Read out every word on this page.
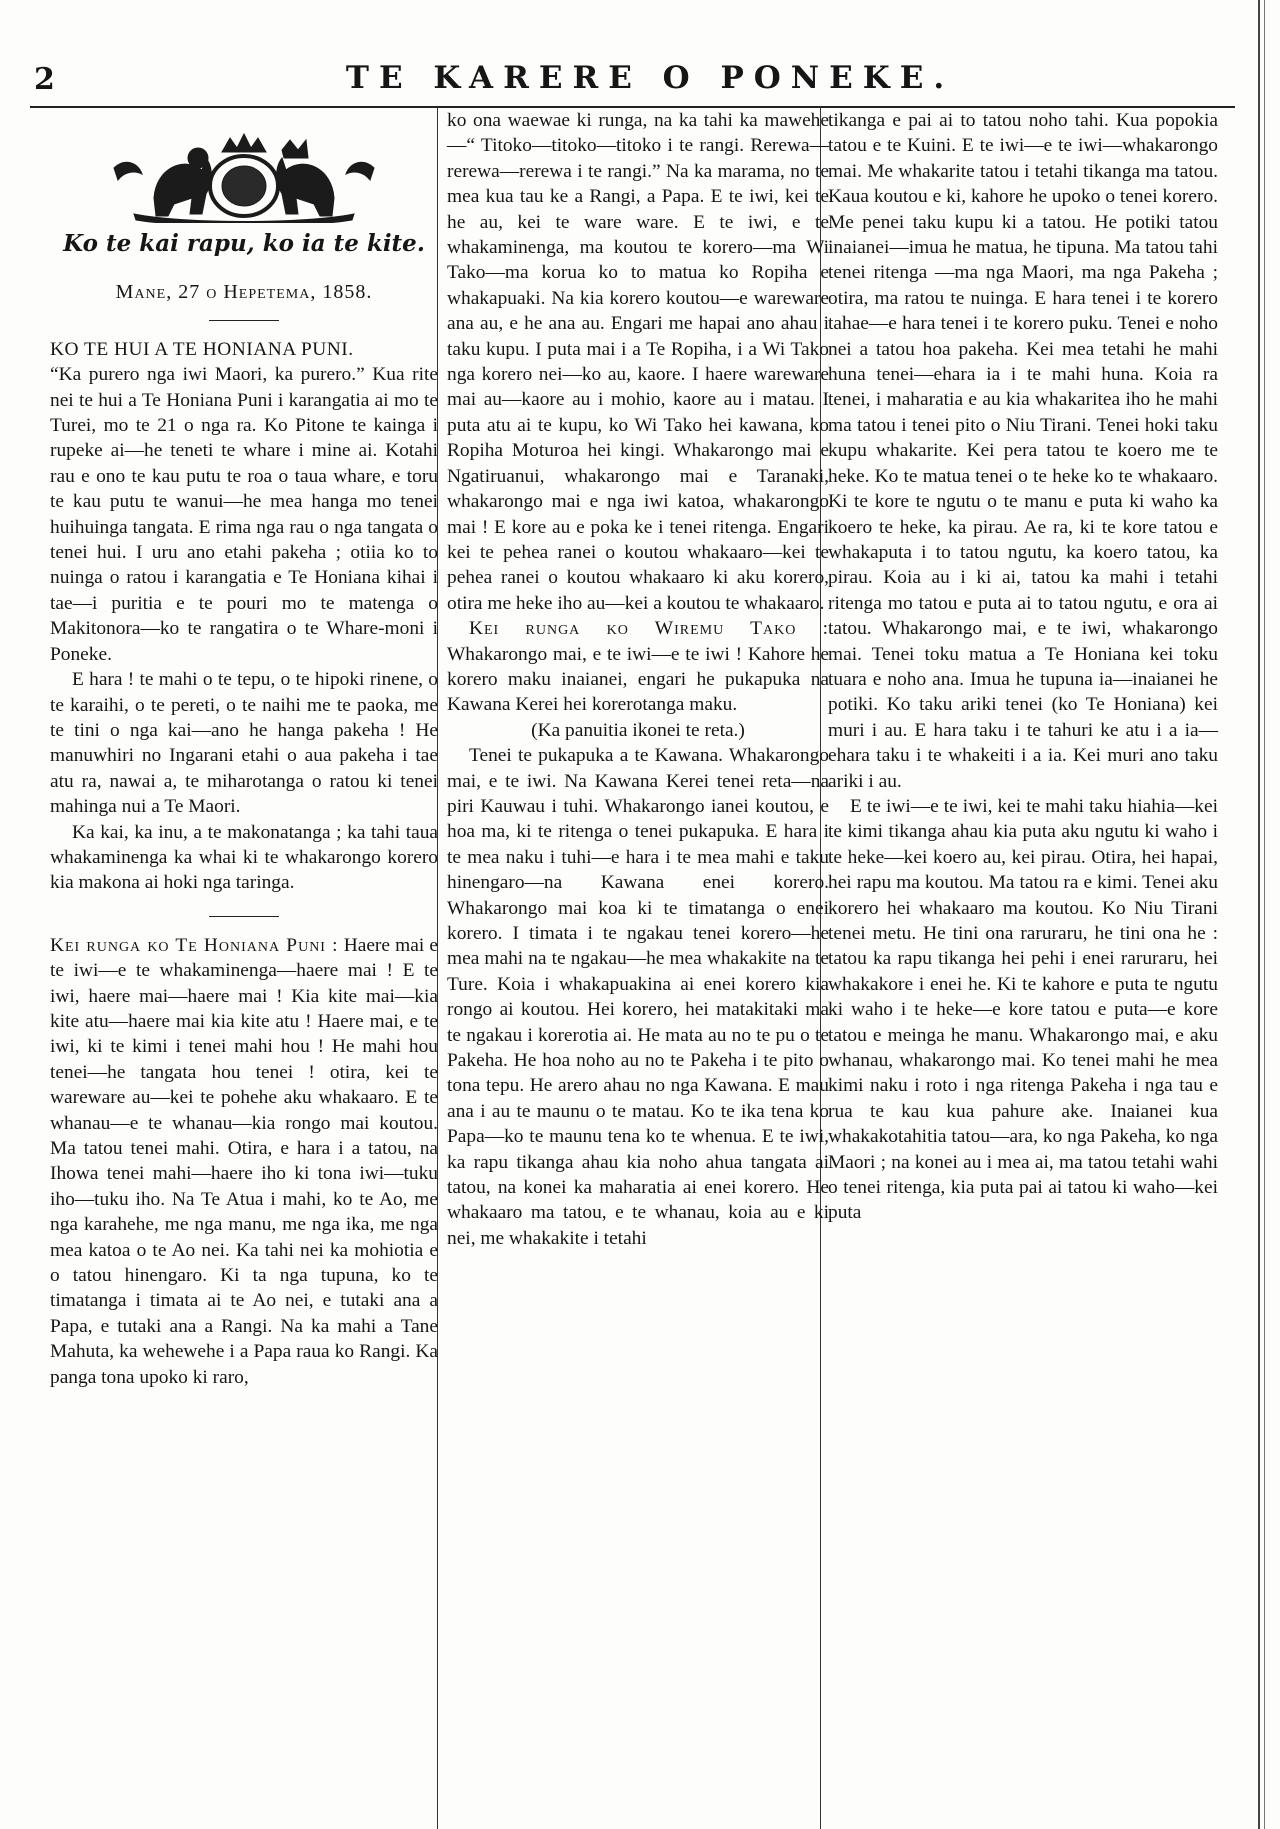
2	TE KARERE O PONEKE.
Ko te kai rapu, ko ia te kite.
Mane, 27 o Hepetema, 1858.

KO TE HUI A TE HONIANA PUNI.

“Ka purero nga iwi Maori, ka purero.” Kua rite nei te hui a Te Honiana Puni i karangatia ai mo te Turei, mo te 21 o nga ra. Ko Pitone te kainga i rupeke ai—he teneti te whare i mine ai. Kotahi rau e ono te kau putu te roa o taua whare, e toru te kau putu te wanui—he mea hanga mo tenei huihuinga tangata. E rima nga rau o nga tangata o tenei hui. I uru ano etahi pakeha ; otiia ko to nuinga o ratou i karangatia e Te Honiana kihai i tae—i puritia e te pouri mo te matenga o Makitonora—ko te rangatira o te Whare-moni i Poneke.

E hara ! te mahi o te tepu, o te hipoki rinene, o te karaihi, o te pereti, o te naihi me te paoka, me te tini o nga kai—ano he hanga pakeha ! He manuwhiri no Ingarani etahi o aua pakeha i tae atu ra, nawai a, te miharotanga o ratou ki tenei mahinga nui a Te Maori.

Ka kai, ka inu, a te makonatanga ; ka tahi taua whakaminenga ka whai ki te whakarongo korero kia makona ai hoki nga taringa.

Kei runga ko Te Honiana Puni : Haere mai e te iwi—e te whakaminenga—haere mai ! E te iwi, haere mai—haere mai ! Kia kite mai—kia kite atu—haere mai kia kite atu ! Haere mai, e te iwi, ki te kimi i tenei mahi hou ! He mahi hou tenei—he tangata hou tenei ! otira, kei te wareware au—kei te pohehe aku whakaaro. E te whanau—e te whanau—kia rongo mai koutou. Ma tatou tenei mahi. Otira, e hara i a tatou, na Ihowa tenei mahi—haere iho ki tona iwi—tuku iho—tuku iho. Na Te Atua i mahi, ko te Ao, me nga karahehe, me nga manu, me nga ika, me nga mea katoa o te Ao nei. Ka tahi nei ka mohiotia e o tatou hinengaro. Ki ta nga tupuna, ko te timatanga i timata ai te Ao nei, e tutaki ana a Papa, e tutaki ana a Rangi. Na ka mahi a Tane Mahuta, ka wehewehe i a Papa raua ko Rangi. Ka panga tona upoko ki raro,

ko ona waewae ki runga, na ka tahi ka mawehe—“ Titoko—titoko—titoko i te rangi. Rerewa—rerewa—rerewa i te rangi.” Na ka marama, no te mea kua tau ke a Rangi, a Papa. E te iwi, kei te he au, kei te ware ware. E te iwi, e te whakaminenga, ma koutou te korero—ma Wi Tako—ma korua ko to matua ko Ropiha e whakapuaki. Na kia korero koutou—e wareware ana au, e he ana au. Engari me hapai ano ahau i taku kupu. I puta mai i a Te Ropiha, i a Wi Tako nga korero nei—ko au, kaore. I haere wareware mai au—kaore au i mohio, kaore au i matau. I puta atu ai te kupu, ko Wi Tako hei kawana, ko Ropiha Moturoa hei kingi. Whakarongo mai e Ngatiruanui, whakarongo mai e Taranaki, whakarongo mai e nga iwi katoa, whakarongo mai ! E kore au e poka ke i tenei ritenga. Engari kei te pehea ranei o koutou whakaaro—kei te pehea ranei o koutou whakaaro ki aku korero, otira me heke iho au—kei a koutou te whakaaro.

Kei runga ko Wiremu Tako : Whakarongo mai, e te iwi—e te iwi ! Kahore he korero maku inaianei, engari he pukapuka na Kawana Kerei hei korerotanga maku.

(Ka panuitia ikonei te reta.)

Tenei te pukapuka a te Kawana. Whakarongo mai, e te iwi. Na Kawana Kerei tenei reta—na piri Kauwau i tuhi. Whakarongo ianei koutou, e hoa ma, ki te ritenga o tenei pukapuka. E hara i te mea naku i tuhi—e hara i te mea mahi e taku hinengaro—na Kawana enei korero. Whakarongo mai koa ki te timatanga o enei korero. I timata i te ngakau tenei korero—he mea mahi na te ngakau—he mea whakakite na te Ture. Koia i whakapuakina ai enei korero kia rongo ai koutou. Hei korero, hei matakitaki ma te ngakau i korerotia ai. He mata au no te pu o te Pakeha. He hoa noho au no te Pakeha i te pito o tona tepu. He arero ahau no nga Kawana. E mau ana i au te maunu o te matau. Ko te ika tena ko Papa—ko te maunu tena ko te whenua. E te iwi, ka rapu tikanga ahau kia noho ahua tangata ai tatou, na konei ka maharatia ai enei korero. He whakaaro ma tatou, e te whanau, koia au e ki nei, me whakakite i tetahi

tikanga e pai ai to tatou noho tahi. Kua popokia tatou e te Kuini. E te iwi—e te iwi—whakarongo mai. Me whakarite tatou i tetahi tikanga ma tatou. Kaua koutou e ki, kahore he upoko o tenei korero. Me penei taku kupu ki a tatou. He potiki tatou inaianei—imua he matua, he tipuna. Ma tatou tahi tenei ritenga —ma nga Maori, ma nga Pakeha ; otira, ma ratou te nuinga. E hara tenei i te korero tahae—e hara tenei i te korero puku. Tenei e noho nei a tatou hoa pakeha. Kei mea tetahi he mahi huna tenei—ehara ia i te mahi huna. Koia ra tenei, i maharatia e au kia whakaritea iho he mahi ma tatou i tenei pito o Niu Tirani. Tenei hoki taku kupu whakarite. Kei pera tatou te koero me te heke. Ko te matua tenei o te heke ko te whakaaro. Ki te kore te ngutu o te manu e puta ki waho ka koero te heke, ka pirau. Ae ra, ki te kore tatou e whakaputa i to tatou ngutu, ka koero tatou, ka pirau. Koia au i ki ai, tatou ka mahi i tetahi ritenga mo tatou e puta ai to tatou ngutu, e ora ai tatou. Whakarongo mai, e te iwi, whakarongo mai. Tenei toku matua a Te Honiana kei toku tuara e noho ana. Imua he tupuna ia—inaianei he potiki. Ko taku ariki tenei (ko Te Honiana) kei muri i au. E hara taku i te tahuri ke atu i a ia—ehara taku i te whakeiti i a ia. Kei muri ano taku ariki i au.

E te iwi—e te iwi, kei te mahi taku hiahia—kei te kimi tikanga ahau kia puta aku ngutu ki waho i te heke—kei koero au, kei pirau. Otira, hei hapai, hei rapu ma koutou. Ma tatou ra e kimi. Tenei aku korero hei whakaaro ma koutou. Ko Niu Tirani tenei metu. He tini ona raruraru, he tini ona he : tatou ka rapu tikanga hei pehi i enei raruraru, hei whakakore i enei he. Ki te kahore e puta te ngutu ki waho i te heke—e kore tatou e puta—e kore tatou e meinga he manu. Whakarongo mai, e aku whanau, whakarongo mai. Ko tenei mahi he mea kimi naku i roto i nga ritenga Pakeha i nga tau e rua te kau kua pahure ake. Inaianei kua whakakotahitia tatou—ara, ko nga Pakeha, ko nga Maori ; na konei au i mea ai, ma tatou tetahi wahi o tenei ritenga, kia puta pai ai tatou ki waho—kei puta
